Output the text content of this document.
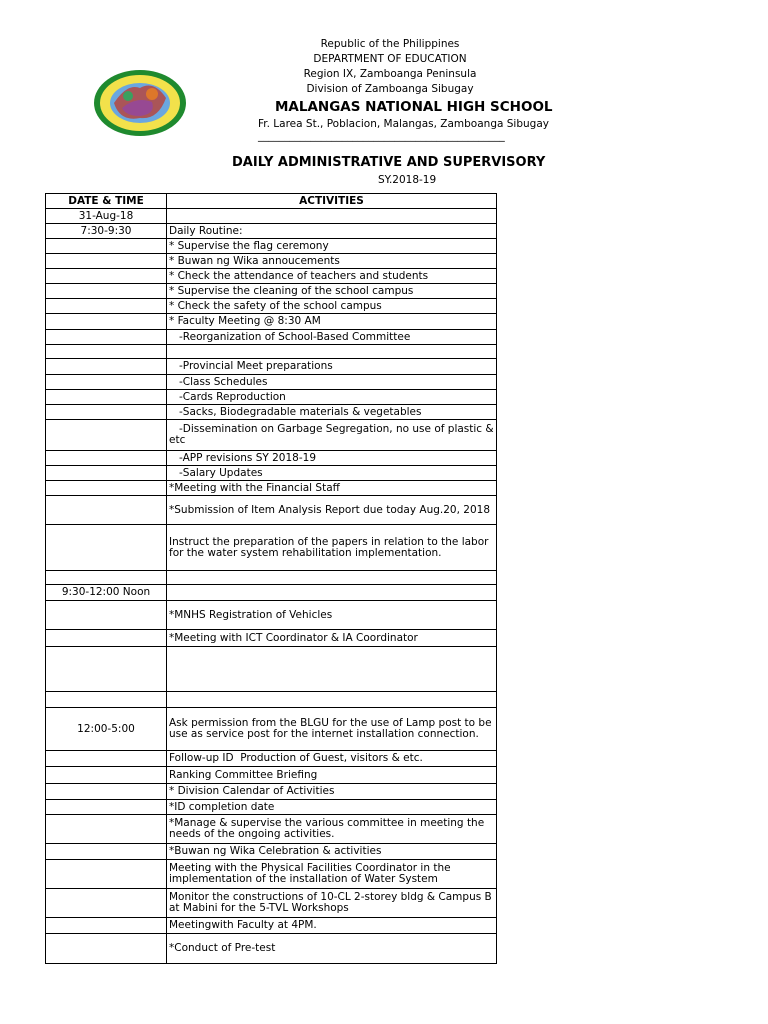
Republic of the Philippines
DEPARTMENT OF EDUCATION
Region IX, Zamboanga Peninsula
Division of Zamboanga Sibugay
MALANGAS NATIONAL HIGH SCHOOL
Fr. Larea St., Poblacion, Malangas, Zamboanga Sibugay
_______________________________________________
DAILY ADMINISTRATIVE AND SUPERVISORY
SY.2018-19
DATE & TIME	ACTIVITIES
31-Aug-18	
7:30-9:30	Daily Routine:
	* Supervise the flag ceremony
	* Buwan ng Wika annoucements
	* Check the attendance of teachers and students
	* Supervise the cleaning of the school campus
	* Check the safety of the school campus
	* Faculty Meeting @ 8:30 AM
	-Reorganization of School-Based Committee

	-Provincial Meet preparations
	-Class Schedules
	-Cards Reproduction
	-Sacks, Biodegradable materials & vegetables
	-Dissemination on Garbage Segregation, no use of plastic & etc
	-APP revisions SY 2018-19
	-Salary Updates
	*Meeting with the Financial Staff
	*Submission of Item Analysis Report due today Aug.20, 2018
	Instruct the preparation of the papers in relation to the labor for the water system rehabilitation implementation.

9:30-12:00 Noon	
	*MNHS Registration of Vehicles
	*Meeting with ICT Coordinator & IA Coordinator

12:00-5:00	Ask permission from the BLGU for the use of Lamp post to be use as service post for the internet installation connection.
	Follow-up ID  Production of Guest, visitors & etc.
	Ranking Committee Briefing
	* Division Calendar of Activities
	*ID completion date
	*Manage & supervise the various committee in meeting the needs of the ongoing activities.
	*Buwan ng Wika Celebration & activities
	Meeting with the Physical Facilities Coordinator in the implementation of the installation of Water System
	Monitor the constructions of 10-CL 2-storey bldg & Campus B at Mabini for the 5-TVL Workshops
	Meetingwith Faculty at 4PM.
	*Conduct of Pre-test
